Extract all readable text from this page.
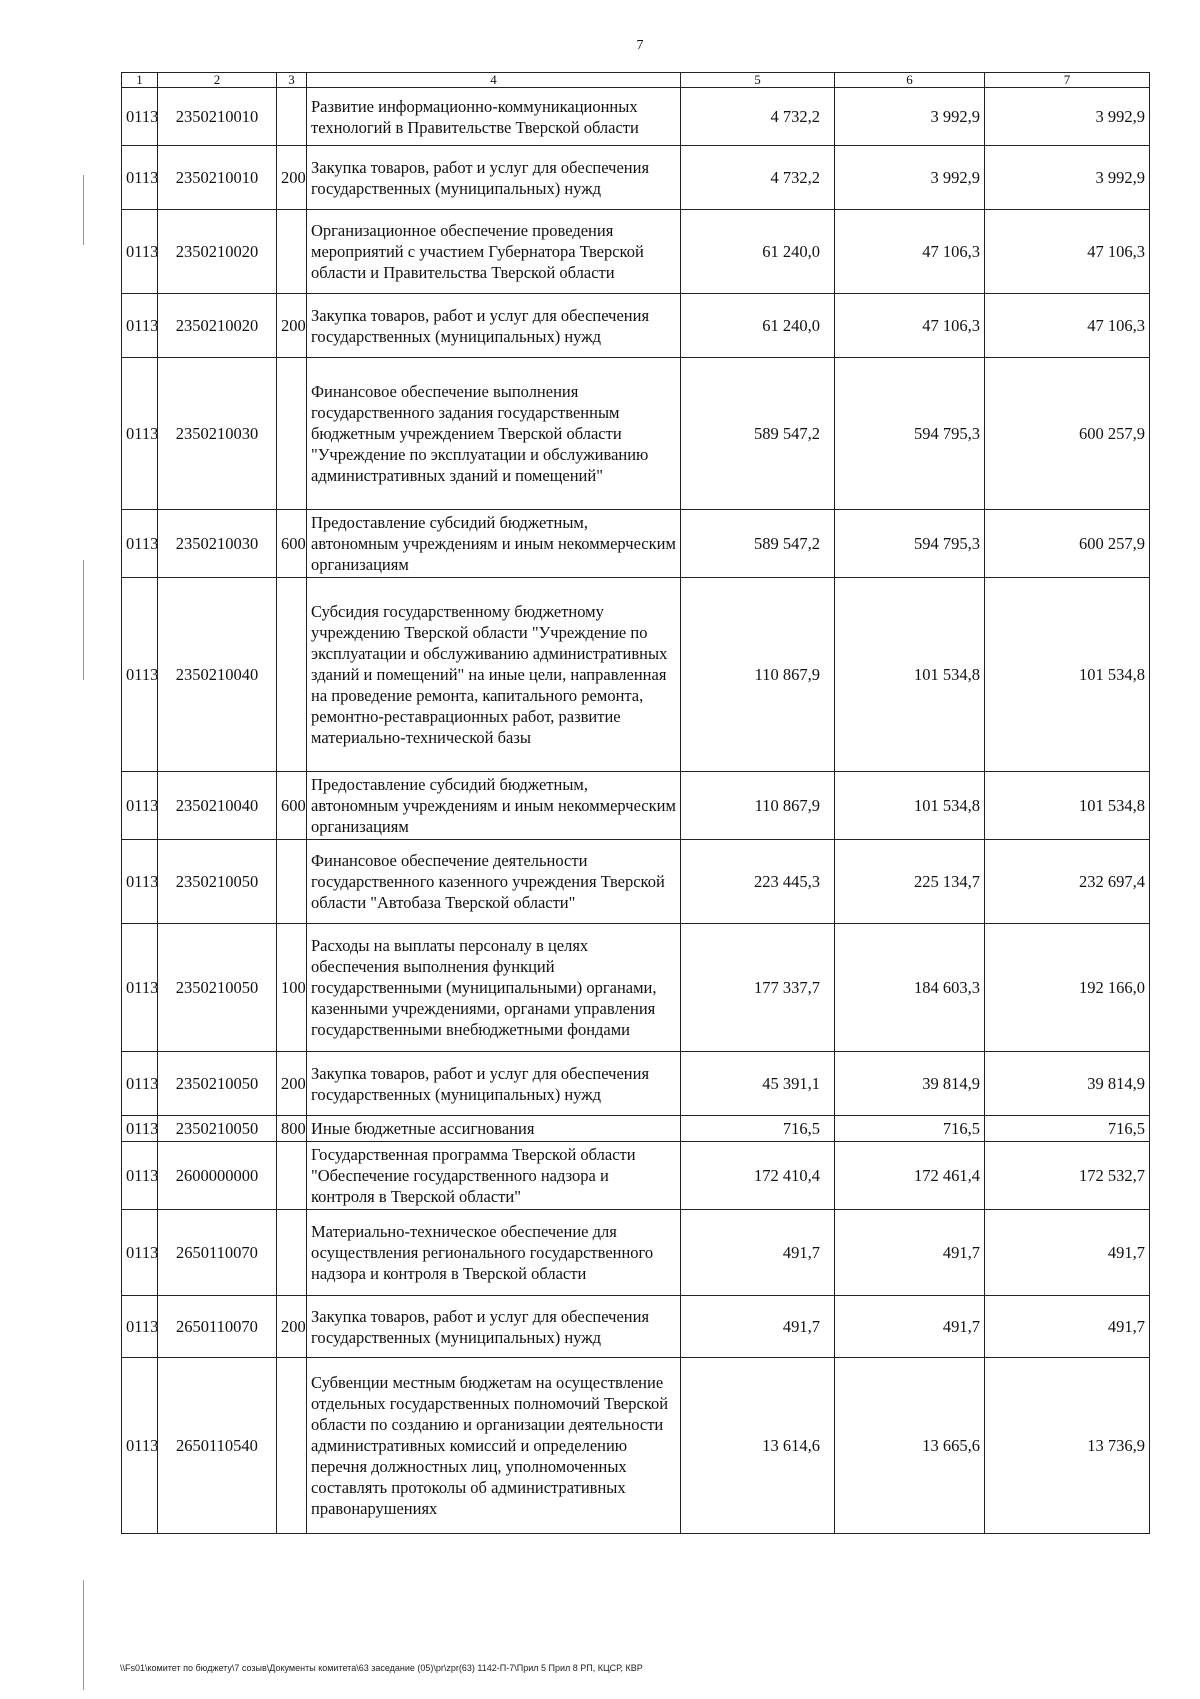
7
1	2	3	4	5	6	7
0113	2350210010		Развитие информационно-коммуникационных технологий в Правительстве Тверской области	4 732,2	3 992,9	3 992,9
0113	2350210010	200	Закупка товаров, работ и услуг для обеспечения государственных (муниципальных) нужд	4 732,2	3 992,9	3 992,9
0113	2350210020		Организационное обеспечение проведения мероприятий с участием Губернатора Тверской области и Правительства Тверской области	61 240,0	47 106,3	47 106,3
0113	2350210020	200	Закупка товаров, работ и услуг для обеспечения государственных (муниципальных) нужд	61 240,0	47 106,3	47 106,3
0113	2350210030		Финансовое обеспечение выполнения государственного задания государственным бюджетным учреждением Тверской области "Учреждение по эксплуатации и обслуживанию административных зданий и помещений"	589 547,2	594 795,3	600 257,9
0113	2350210030	600	Предоставление субсидий бюджетным, автономным учреждениям и иным некоммерческим организациям	589 547,2	594 795,3	600 257,9
0113	2350210040		Субсидия государственному бюджетному учреждению Тверской области "Учреждение по эксплуатации и обслуживанию административных зданий и помещений" на иные цели, направленная на проведение ремонта, капитального ремонта, ремонтно-реставрационных работ, развитие материально-технической базы	110 867,9	101 534,8	101 534,8
0113	2350210040	600	Предоставление субсидий бюджетным, автономным учреждениям и иным некоммерческим организациям	110 867,9	101 534,8	101 534,8
0113	2350210050		Финансовое обеспечение деятельности государственного казенного учреждения Тверской области "Автобаза Тверской области"	223 445,3	225 134,7	232 697,4
0113	2350210050	100	Расходы на выплаты персоналу в целях обеспечения выполнения функций государственными (муниципальными) органами, казенными учреждениями, органами управления государственными внебюджетными фондами	177 337,7	184 603,3	192 166,0
0113	2350210050	200	Закупка товаров, работ и услуг для обеспечения государственных (муниципальных) нужд	45 391,1	39 814,9	39 814,9
0113	2350210050	800	Иные бюджетные ассигнования	716,5	716,5	716,5
0113	2600000000		Государственная программа Тверской области "Обеспечение государственного надзора и контроля в Тверской области"	172 410,4	172 461,4	172 532,7
0113	2650110070		Материально-техническое обеспечение для осуществления регионального государственного надзора и контроля в Тверской области	491,7	491,7	491,7
0113	2650110070	200	Закупка товаров, работ и услуг для обеспечения государственных (муниципальных) нужд	491,7	491,7	491,7
0113	2650110540		Субвенции местным бюджетам на осуществление отдельных государственных полномочий Тверской области по созданию и организации деятельности административных комиссий и определению перечня должностных лиц, уполномоченных составлять протоколы об административных правонарушениях	13 614,6	13 665,6	13 736,9
\\Fs01\комитет по бюджету\7 созыв\Документы комитета\63 заседание (05)\pr\zpr(63) 1142-П-7\Прил 5 Прил 8 РП, КЦСР, КВР
